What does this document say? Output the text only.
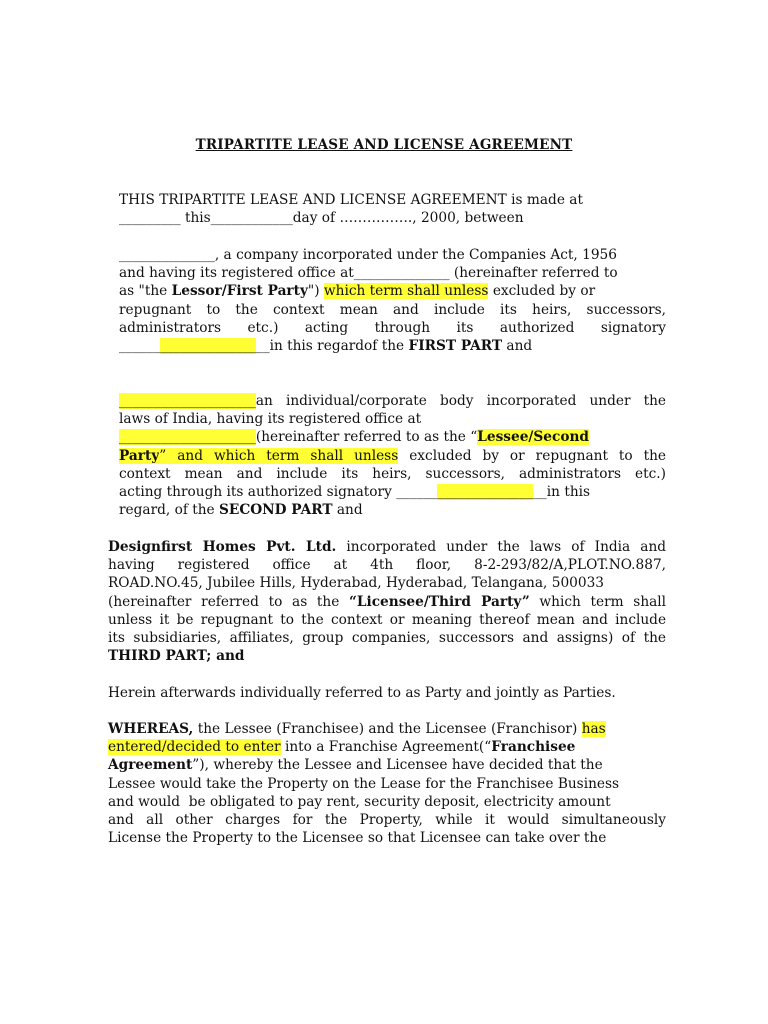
TRIPARTITE LEASE AND LICENSE AGREEMENT
THIS TRIPARTITE LEASE AND LICENSE AGREEMENT is made at
_________ this____________day of ……………., 2000, between
______________, a company incorporated under the Companies Act, 1956
and having its registered office at______________ (hereinafter referred to
as "the Lessor/First Party") which term shall unless excluded by or
repugnant to the context mean and include its heirs, successors,
administrators etc.) acting through its authorized signatory
______________________in this regardof the FIRST PART and
____________________an individual/corporate body incorporated under the
laws of India, having its registered office at
____________________(hereinafter referred to as the “Lessee/Second
Party” and which term shall unless excluded by or repugnant to the
context mean and include its heirs, successors, administrators etc.)
acting through its authorized signatory ______________________in this
regard, of the SECOND PART and
Designfirst Homes Pvt. Ltd. incorporated under the laws of India and
having registered office at 4th floor, 8-2-293/82/A,PLOT.NO.887,
ROAD.NO.45, Jubilee Hills, Hyderabad, Hyderabad, Telangana, 500033
(hereinafter referred to as the “Licensee/Third Party” which term shall
unless it be repugnant to the context or meaning thereof mean and include
its subsidiaries, affiliates, group companies, successors and assigns) of the
THIRD PART; and
Herein afterwards individually referred to as Party and jointly as Parties.
WHEREAS, the Lessee (Franchisee) and the Licensee (Franchisor) has
entered/decided to enter into a Franchise Agreement(“Franchisee
Agreement”), whereby the Lessee and Licensee have decided that the
Lessee would take the Property on the Lease for the Franchisee Business
and would be obligated to pay rent, security deposit, electricity amount
and all other charges for the Property, while it would simultaneously
License the Property to the Licensee so that Licensee can take over the
